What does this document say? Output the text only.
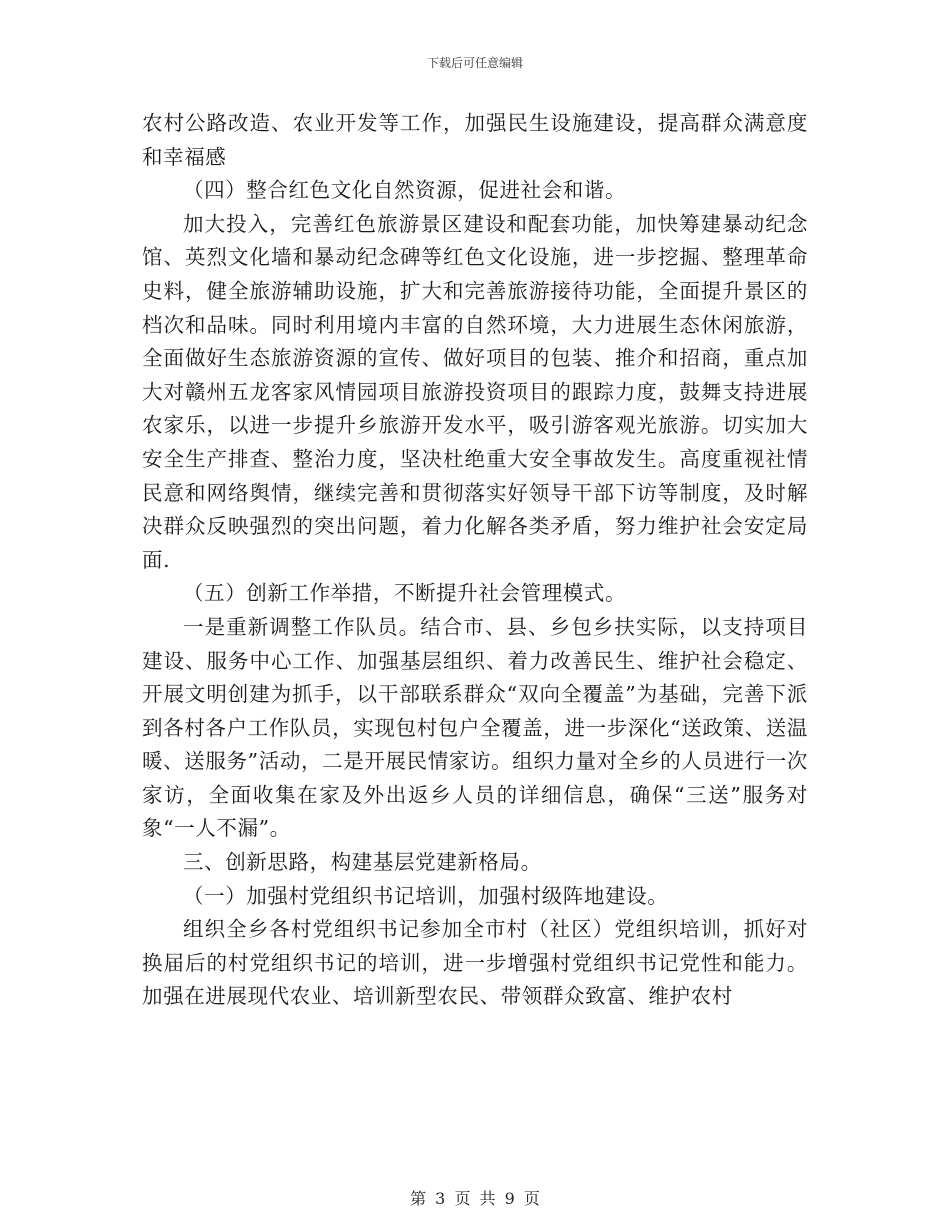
下载后可任意编辑

农村公路改造、农业开发等工作，加强民生设施建设，提高群众满意度和幸福感

（四）整合红色文化自然资源，促进社会和谐。

加大投入，完善红色旅游景区建设和配套功能，加快筹建暴动纪念馆、英烈文化墙和暴动纪念碑等红色文化设施，进一步挖掘、整理革命史料，健全旅游辅助设施，扩大和完善旅游接待功能，全面提升景区的档次和品味。同时利用境内丰富的自然环境，大力进展生态休闲旅游，全面做好生态旅游资源的宣传、做好项目的包装、推介和招商，重点加大对赣州五龙客家风情园项目旅游投资项目的跟踪力度，鼓舞支持进展农家乐，以进一步提升乡旅游开发水平，吸引游客观光旅游。切实加大安全生产排查、整治力度，坚决杜绝重大安全事故发生。高度重视社情民意和网络舆情，继续完善和贯彻落实好领导干部下访等制度，及时解决群众反映强烈的突出问题，着力化解各类矛盾，努力维护社会安定局面.

（五）创新工作举措，不断提升社会管理模式。

一是重新调整工作队员。结合市、县、乡包乡扶实际，以支持项目建设、服务中心工作、加强基层组织、着力改善民生、维护社会稳定、开展文明创建为抓手，以干部联系群众“双向全覆盖”为基础，完善下派到各村各户工作队员，实现包村包户全覆盖，进一步深化“送政策、送温暖、送服务”活动，二是开展民情家访。组织力量对全乡的人员进行一次家访，全面收集在家及外出返乡人员的详细信息，确保“三送”服务对象“一人不漏”。

三、创新思路，构建基层党建新格局。

（一）加强村党组织书记培训，加强村级阵地建设。

组织全乡各村党组织书记参加全市村（社区）党组织培训，抓好对换届后的村党组织书记的培训，进一步增强村党组织书记党性和能力。加强在进展现代农业、培训新型农民、带领群众致富、维护农村

第 3 页 共 9 页
